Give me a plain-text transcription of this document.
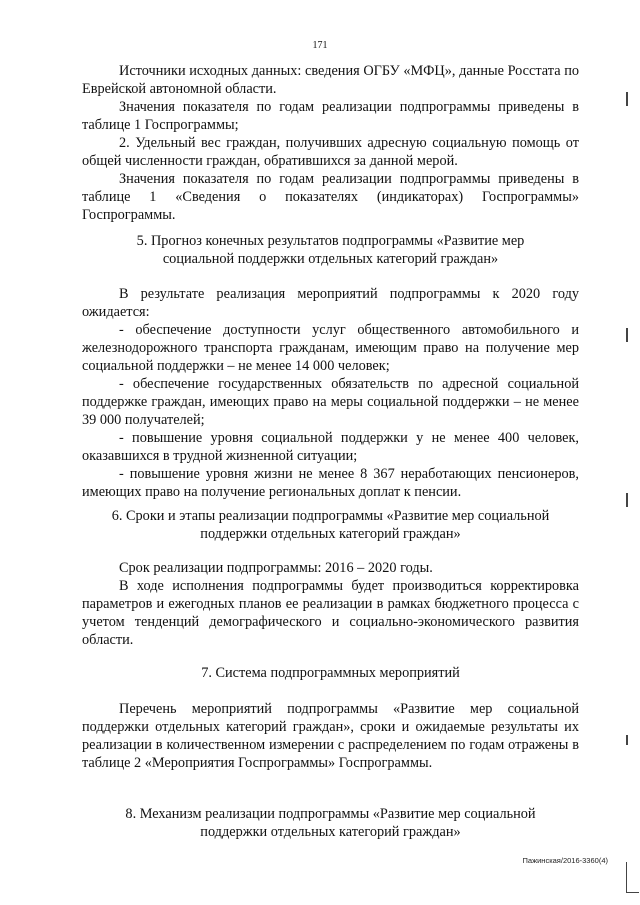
171

Источники исходных данных: сведения ОГБУ «МФЦ», данные Росстата по Еврейской автономной области.

Значения показателя по годам реализации подпрограммы приведены в таблице 1 Госпрограммы;

2. Удельный вес граждан, получивших адресную социальную помощь от общей численности граждан, обратившихся за данной мерой.

Значения показателя по годам реализации подпрограммы приведены в таблице 1 «Сведения о показателях (индикаторах) Госпрограммы» Госпрограммы.

5. Прогноз конечных результатов подпрограммы «Развитие мер
социальной поддержки отдельных категорий граждан»

В результате реализация мероприятий подпрограммы к 2020 году ожидается:

- обеспечение доступности услуг общественного автомобильного и железнодорожного транспорта гражданам, имеющим право на получение мер социальной поддержки – не менее 14 000 человек;

- обеспечение государственных обязательств по адресной социальной поддержке граждан, имеющих право на меры социальной поддержки – не менее 39 000 получателей;

- повышение уровня социальной поддержки у не менее 400 человек, оказавшихся в трудной жизненной ситуации;

- повышение уровня жизни не менее 8 367 неработающих пенсионеров, имеющих право на получение региональных доплат к пенсии.

6. Сроки и этапы реализации подпрограммы «Развитие мер социальной
поддержки отдельных категорий граждан»

Срок реализации подпрограммы: 2016 – 2020 годы.

В ходе исполнения подпрограммы будет производиться корректировка параметров и ежегодных планов ее реализации в рамках бюджетного процесса с учетом тенденций демографического и социально-экономического развития области.

7. Система подпрограммных мероприятий

Перечень мероприятий подпрограммы «Развитие мер социальной поддержки отдельных категорий граждан», сроки и ожидаемые результаты их реализации в количественном измерении с распределением по годам отражены в таблице 2 «Мероприятия Госпрограммы» Госпрограммы.

8. Механизм реализации подпрограммы «Развитие мер социальной
поддержки отдельных категорий граждан»
Пажинская/2016-3360(4)
